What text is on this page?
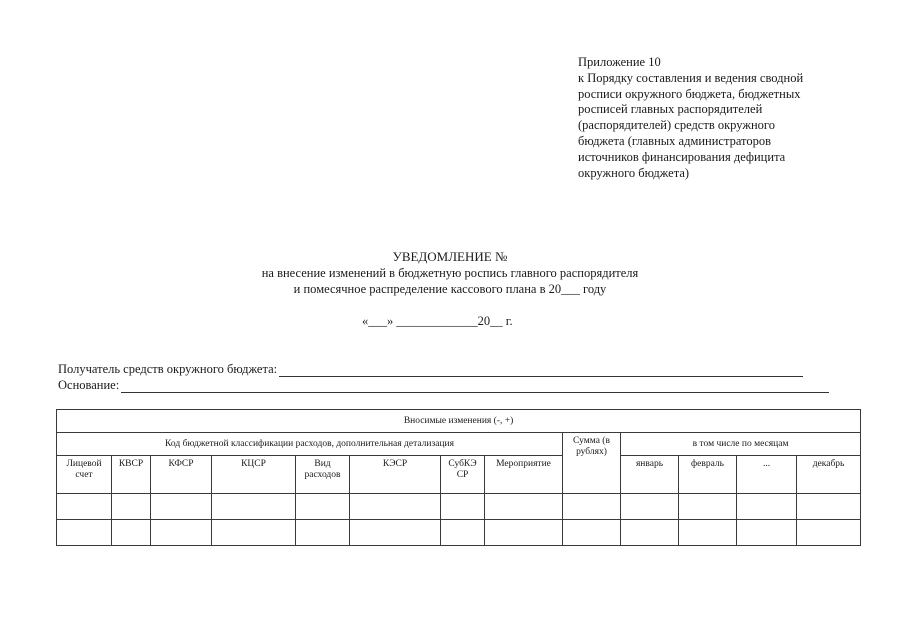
Приложение 10
к Порядку составления и ведения сводной
росписи окружного бюджета, бюджетных
росписей главных распорядителей
(распорядителей) средств окружного
бюджета (главных администраторов
источников финансирования дефицита
окружного бюджета)
УВЕДОМЛЕНИЕ №
на внесение изменений в бюджетную роспись главного распорядителя
и помесячное распределение кассового плана в 20___ году
«___» _____________20__ г.
Получатель средств окружного бюджета:
Основание:
Вносимые изменения (-, +)												
Код бюджетной классификации расходов, дополнительная детализация								Сумма (в рублях)	в том числе по месяцам			
Лицевой счет	КВСР	КФСР	КЦСР	Вид расходов	КЭСР	СубКЭ СР	Мероприятие		январь	февраль	...	декабрь
